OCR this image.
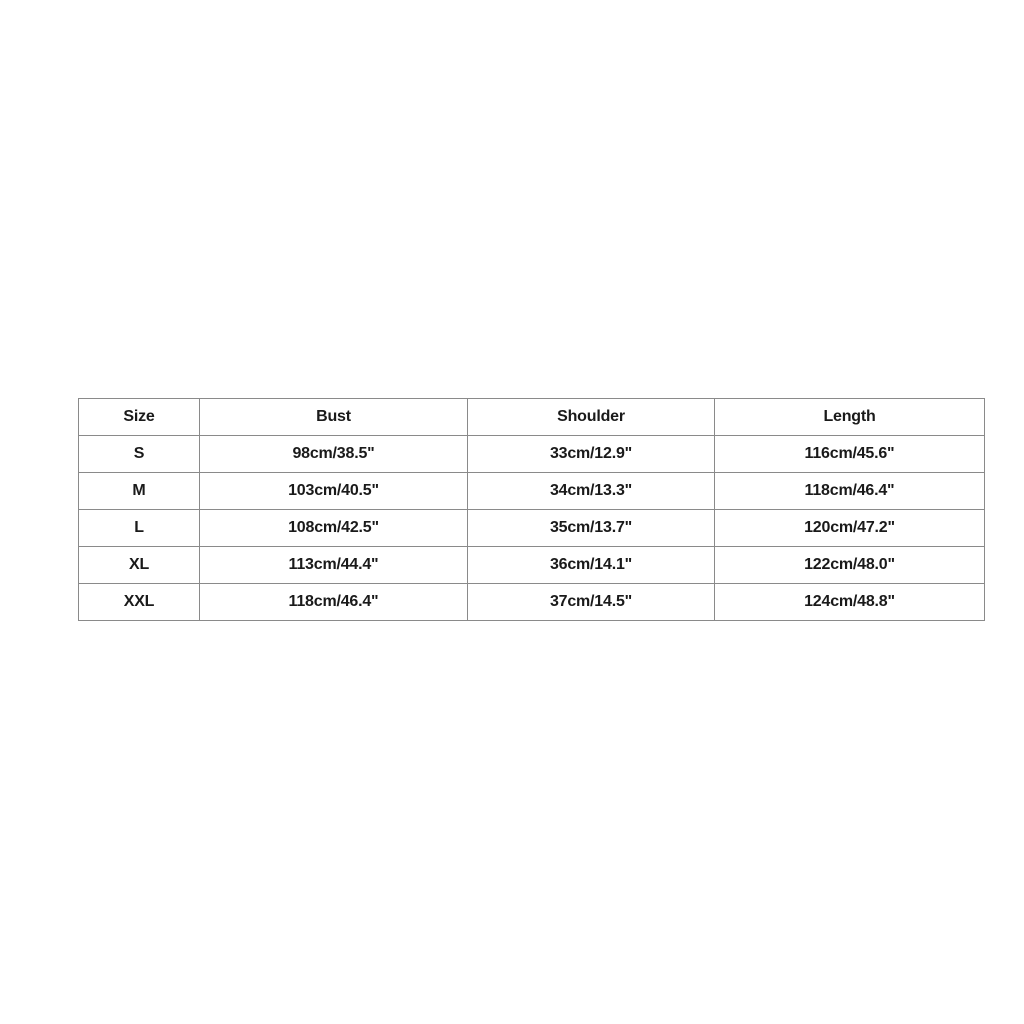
Size	Bust	Shoulder	Length
S	98cm/38.5"	33cm/12.9"	116cm/45.6"
M	103cm/40.5"	34cm/13.3"	118cm/46.4"
L	108cm/42.5"	35cm/13.7"	120cm/47.2"
XL	113cm/44.4"	36cm/14.1"	122cm/48.0"
XXL	118cm/46.4"	37cm/14.5"	124cm/48.8"
